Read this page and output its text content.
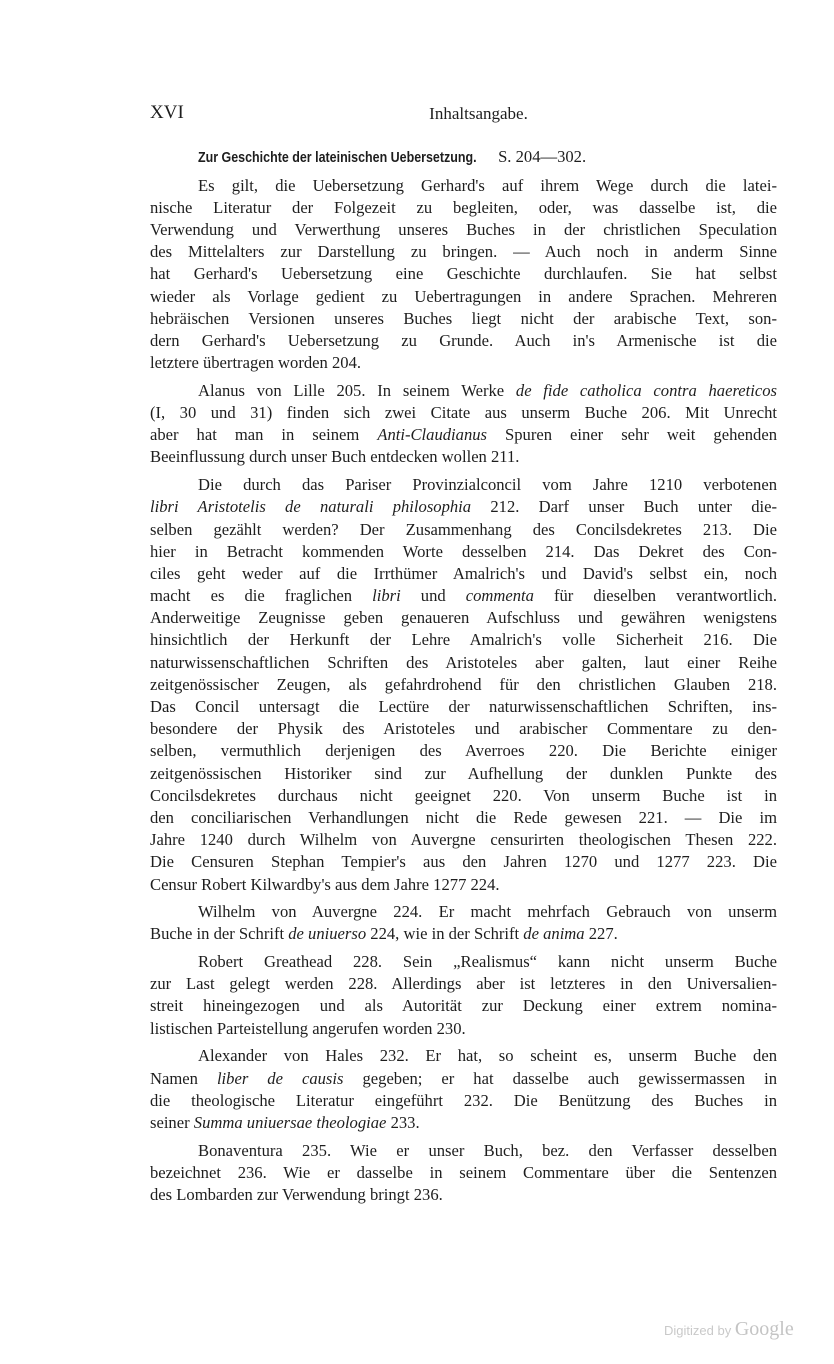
XVI	Inhaltsangabe.
Zur Geschichte der lateinischen Uebersetzung. S. 204—302.
Es gilt, die Uebersetzung Gerhard's auf ihrem Wege durch die latei-
nische Literatur der Folgezeit zu begleiten, oder, was dasselbe ist, die
Verwendung und Verwerthung unseres Buches in der christlichen Speculation
des Mittelalters zur Darstellung zu bringen. — Auch noch in anderm Sinne
hat Gerhard's Uebersetzung eine Geschichte durchlaufen. Sie hat selbst
wieder als Vorlage gedient zu Uebertragungen in andere Sprachen. Mehreren
hebräischen Versionen unseres Buches liegt nicht der arabische Text, son-
dern Gerhard's Uebersetzung zu Grunde. Auch in's Armenische ist die
letztere übertragen worden 204.
Alanus von Lille 205. In seinem Werke de fide catholica contra haereticos
(I, 30 und 31) finden sich zwei Citate aus unserm Buche 206. Mit Unrecht
aber hat man in seinem Anti-Claudianus Spuren einer sehr weit gehenden
Beeinflussung durch unser Buch entdecken wollen 211.
Die durch das Pariser Provinzialconcil vom Jahre 1210 verbotenen
libri Aristotelis de naturali philosophia 212. Darf unser Buch unter die-
selben gezählt werden? Der Zusammenhang des Concilsdekretes 213. Die
hier in Betracht kommenden Worte desselben 214. Das Dekret des Con-
ciles geht weder auf die Irrthümer Amalrich's und David's selbst ein, noch
macht es die fraglichen libri und commenta für dieselben verantwortlich.
Anderweitige Zeugnisse geben genaueren Aufschluss und gewähren wenigstens
hinsichtlich der Herkunft der Lehre Amalrich's volle Sicherheit 216. Die
naturwissenschaftlichen Schriften des Aristoteles aber galten, laut einer Reihe
zeitgenössischer Zeugen, als gefahrdrohend für den christlichen Glauben 218.
Das Concil untersagt die Lectüre der naturwissenschaftlichen Schriften, ins-
besondere der Physik des Aristoteles und arabischer Commentare zu den-
selben, vermuthlich derjenigen des Averroes 220. Die Berichte einiger
zeitgenössischen Historiker sind zur Aufhellung der dunklen Punkte des
Concilsdekretes durchaus nicht geeignet 220. Von unserm Buche ist in
den conciliarischen Verhandlungen nicht die Rede gewesen 221. — Die im
Jahre 1240 durch Wilhelm von Auvergne censurirten theologischen Thesen 222.
Die Censuren Stephan Tempier's aus den Jahren 1270 und 1277 223. Die
Censur Robert Kilwardby's aus dem Jahre 1277 224.
Wilhelm von Auvergne 224. Er macht mehrfach Gebrauch von unserm
Buche in der Schrift de uniuerso 224, wie in der Schrift de anima 227.
Robert Greathead 228. Sein „Realismus“ kann nicht unserm Buche
zur Last gelegt werden 228. Allerdings aber ist letzteres in den Universalien-
streit hineingezogen und als Autorität zur Deckung einer extrem nomina-
listischen Parteistellung angerufen worden 230.
Alexander von Hales 232. Er hat, so scheint es, unserm Buche den
Namen liber de causis gegeben; er hat dasselbe auch gewissermassen in
die theologische Literatur eingeführt 232. Die Benützung des Buches in
seiner Summa uniuersae theologiae 233.
Bonaventura 235. Wie er unser Buch, bez. den Verfasser desselben
bezeichnet 236. Wie er dasselbe in seinem Commentare über die Sentenzen
des Lombarden zur Verwendung bringt 236.
Digitized by Google
